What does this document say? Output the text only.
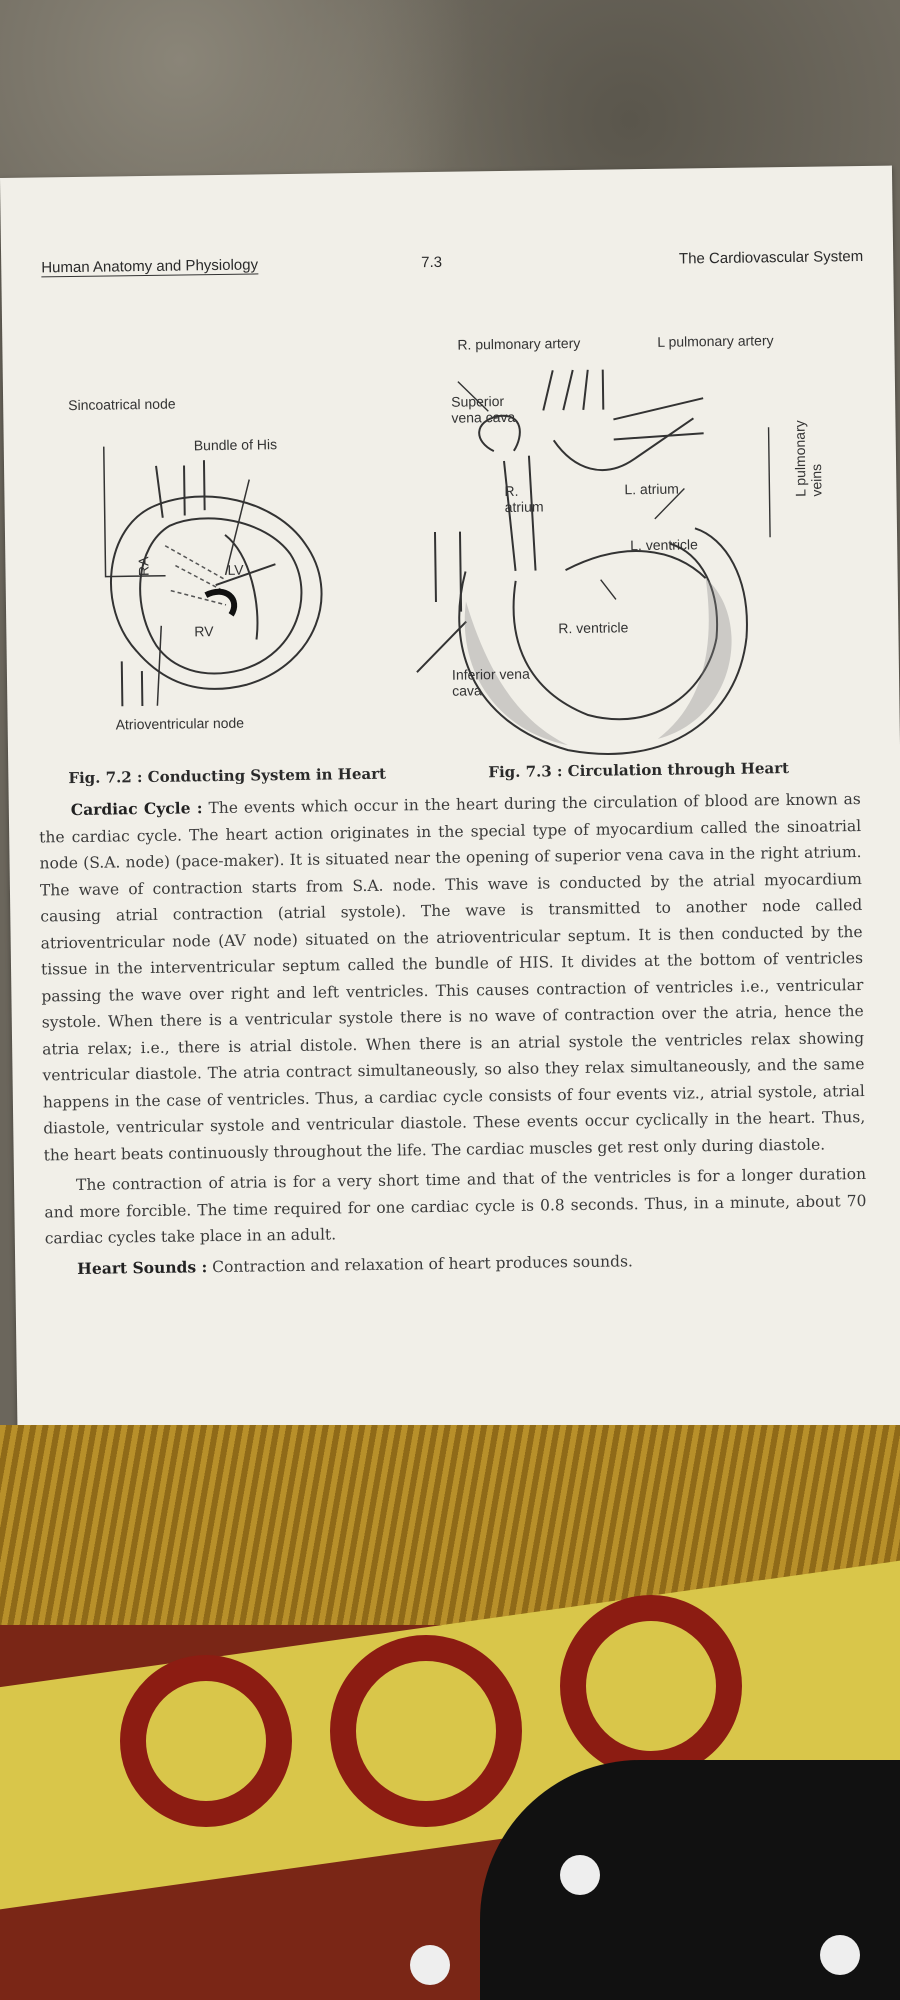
Human Anatomy and Physiology	7.3	The Cardiovascular System
Sincoatrical node
Bundle of His
RA	LV
RV
Atrioventricular node
R. pulmonary artery	L pulmonary artery
Superior
vena cava
R.
atrium
L. atrium
L. ventricle
R. ventricle
Inferior vena
cava
L pulmonary veins
Fig. 7.2 : Conducting System in Heart	Fig. 7.3 : Circulation through Heart

Cardiac Cycle : The events which occur in the heart during the circulation of blood are known as the cardiac cycle. The heart action originates in the special type of myocardium called the sinoatrial node (S.A. node) (pace-maker). It is situated near the opening of superior vena cava in the right atrium. The wave of contraction starts from S.A. node. This wave is conducted by the atrial myocardium causing atrial contraction (atrial systole). The wave is transmitted to another node called atrioventricular node (AV node) situated on the atrioventricular septum. It is then conducted by the tissue in the interventricular septum called the bundle of HIS. It divides at the bottom of ventricles passing the wave over right and left ventricles. This causes contraction of ventricles i.e., ventricular systole. When there is a ventricular systole there is no wave of contraction over the atria, hence the atria relax; i.e., there is atrial distole. When there is an atrial systole the ventricles relax showing ventricular diastole. The atria contract simultaneously, so also they relax simultaneously, and the same happens in the case of ventricles. Thus, a cardiac cycle consists of four events viz., atrial systole, atrial diastole, ventricular systole and ventricular diastole. These events occur cyclically in the heart. Thus, the heart beats continuously throughout the life. The cardiac muscles get rest only during diastole.

The contraction of atria is for a very short time and that of the ventricles is for a longer duration and more forcible. The time required for one cardiac cycle is 0.8 seconds. Thus, in a minute, about 70 cardiac cycles take place in an adult.

Heart Sounds : Contraction and relaxation of heart produces sounds.
